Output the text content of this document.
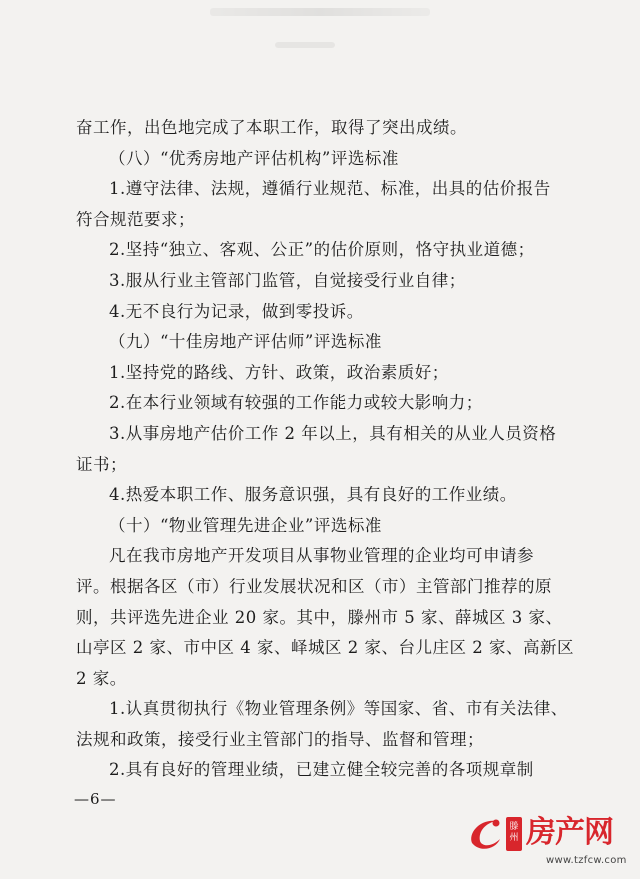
奋工作，出色地完成了本职工作，取得了突出成绩。
（八）“优秀房地产评估机构”评选标准
1.遵守法律、法规，遵循行业规范、标准，出具的估价报告
符合规范要求；
2.坚持“独立、客观、公正”的估价原则，恪守执业道德；
3.服从行业主管部门监管，自觉接受行业自律；
4.无不良行为记录，做到零投诉。
（九）“十佳房地产评估师”评选标准
1.坚持党的路线、方针、政策，政治素质好；
2.在本行业领域有较强的工作能力或较大影响力；
3.从事房地产估价工作 2 年以上，具有相关的从业人员资格
证书；
4.热爱本职工作、服务意识强，具有良好的工作业绩。
（十）“物业管理先进企业”评选标准
凡在我市房地产开发项目从事物业管理的企业均可申请参
评。根据各区（市）行业发展状况和区（市）主管部门推荐的原
则，共评选先进企业 20 家。其中，滕州市 5 家、薛城区 3 家、
山亭区 2 家、市中区 4 家、峄城区 2 家、台儿庄区 2 家、高新区
2 家。
1.认真贯彻执行《物业管理条例》等国家、省、市有关法律、
法规和政策，接受行业主管部门的指导、监督和管理；
2.具有良好的管理业绩，已建立健全较完善的各项规章制
—6—
滕州 房产网
www.tzfcw.com
